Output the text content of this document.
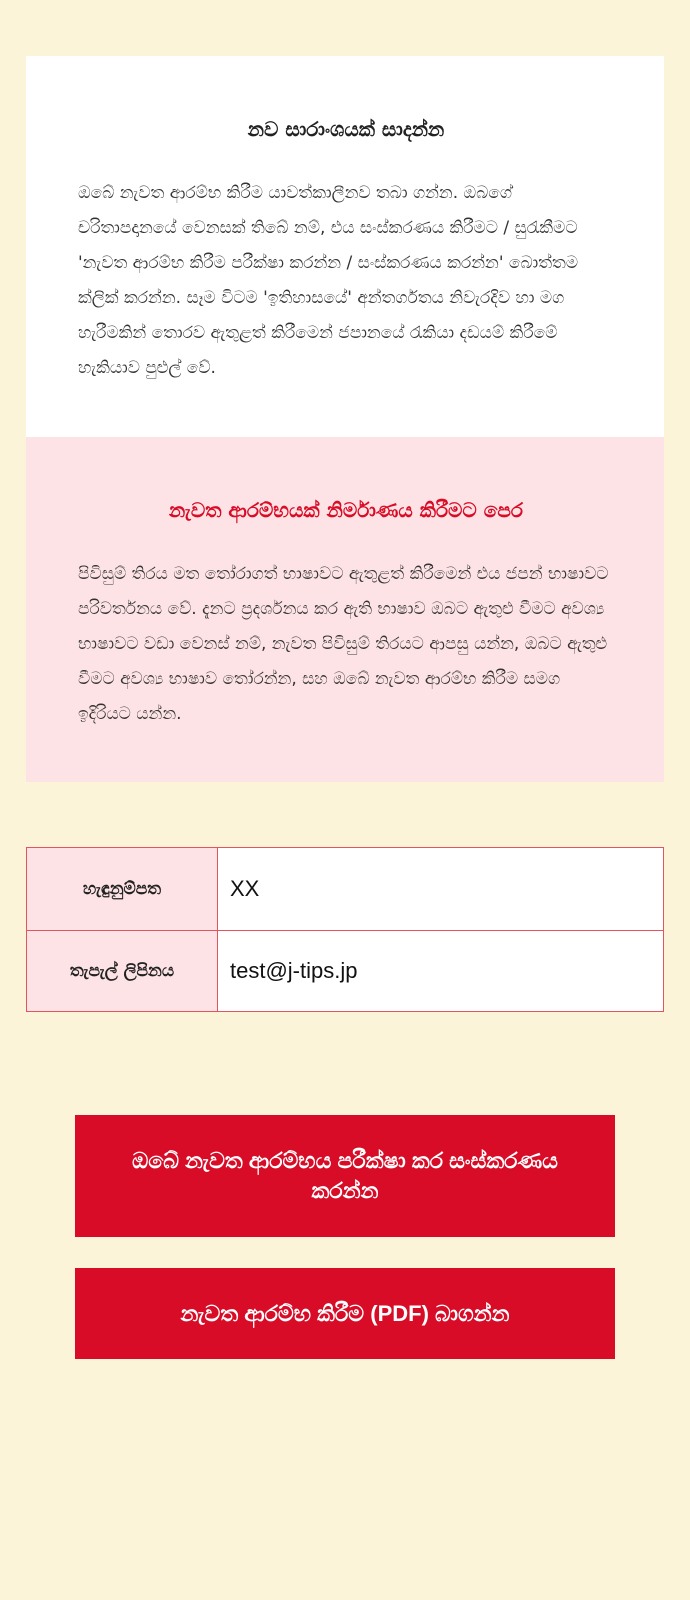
නව සාරාංශයක් සාදන්න

ඔබේ නැවත ආරම්භ කිරීම යාවත්කාලීනව තබා ගන්න. ඔබගේ චරිතාපදානයේ වෙනසක් තිබේ නම්, එය සංස්කරණය කිරීමට / සුරැකීමට 'නැවත ආරම්භ කිරීම පරීක්ෂා කරන්න / සංස්කරණය කරන්න' බොත්තම ක්ලික් කරන්න. සෑම විටම 'ඉතිහාසයේ' අන්තර්ගතය නිවැරදිව හා මග හැරීමකින් තොරව ඇතුළත් කිරීමෙන් ජපානයේ රැකියා දඩයම් කිරීමේ හැකියාව පුළුල් වේ.

නැවත ආරම්භයක් නිර්මාණය කිරීමට පෙර

පිවිසුම් තිරය මත තෝරාගත් භාෂාවට ඇතුළත් කිරීමෙන් එය ජපන් භාෂාවට පරිවර්තනය වේ. දැනට ප්‍රදර්ශනය කර ඇති භාෂාව ඔබට ඇතුළු වීමට අවශ්‍ය භාෂාවට වඩා වෙනස් නම්, නැවත පිවිසුම් තිරයට ආපසු යන්න, ඔබට ඇතුළු වීමට අවශ්‍ය භාෂාව තෝරන්න, සහ ඔබේ නැවත ආරම්භ කිරීම සමග ඉදිරියට යන්න.

හැඳුනුම්පත	XX
තැපැල් ලිපිනය	test@j-tips.jp
ඔබේ නැවත ආරම්භය පරීක්ෂා කර සංස්කරණය කරන්න
නැවත ආරම්භ කිරීම (PDF) බාගන්න
